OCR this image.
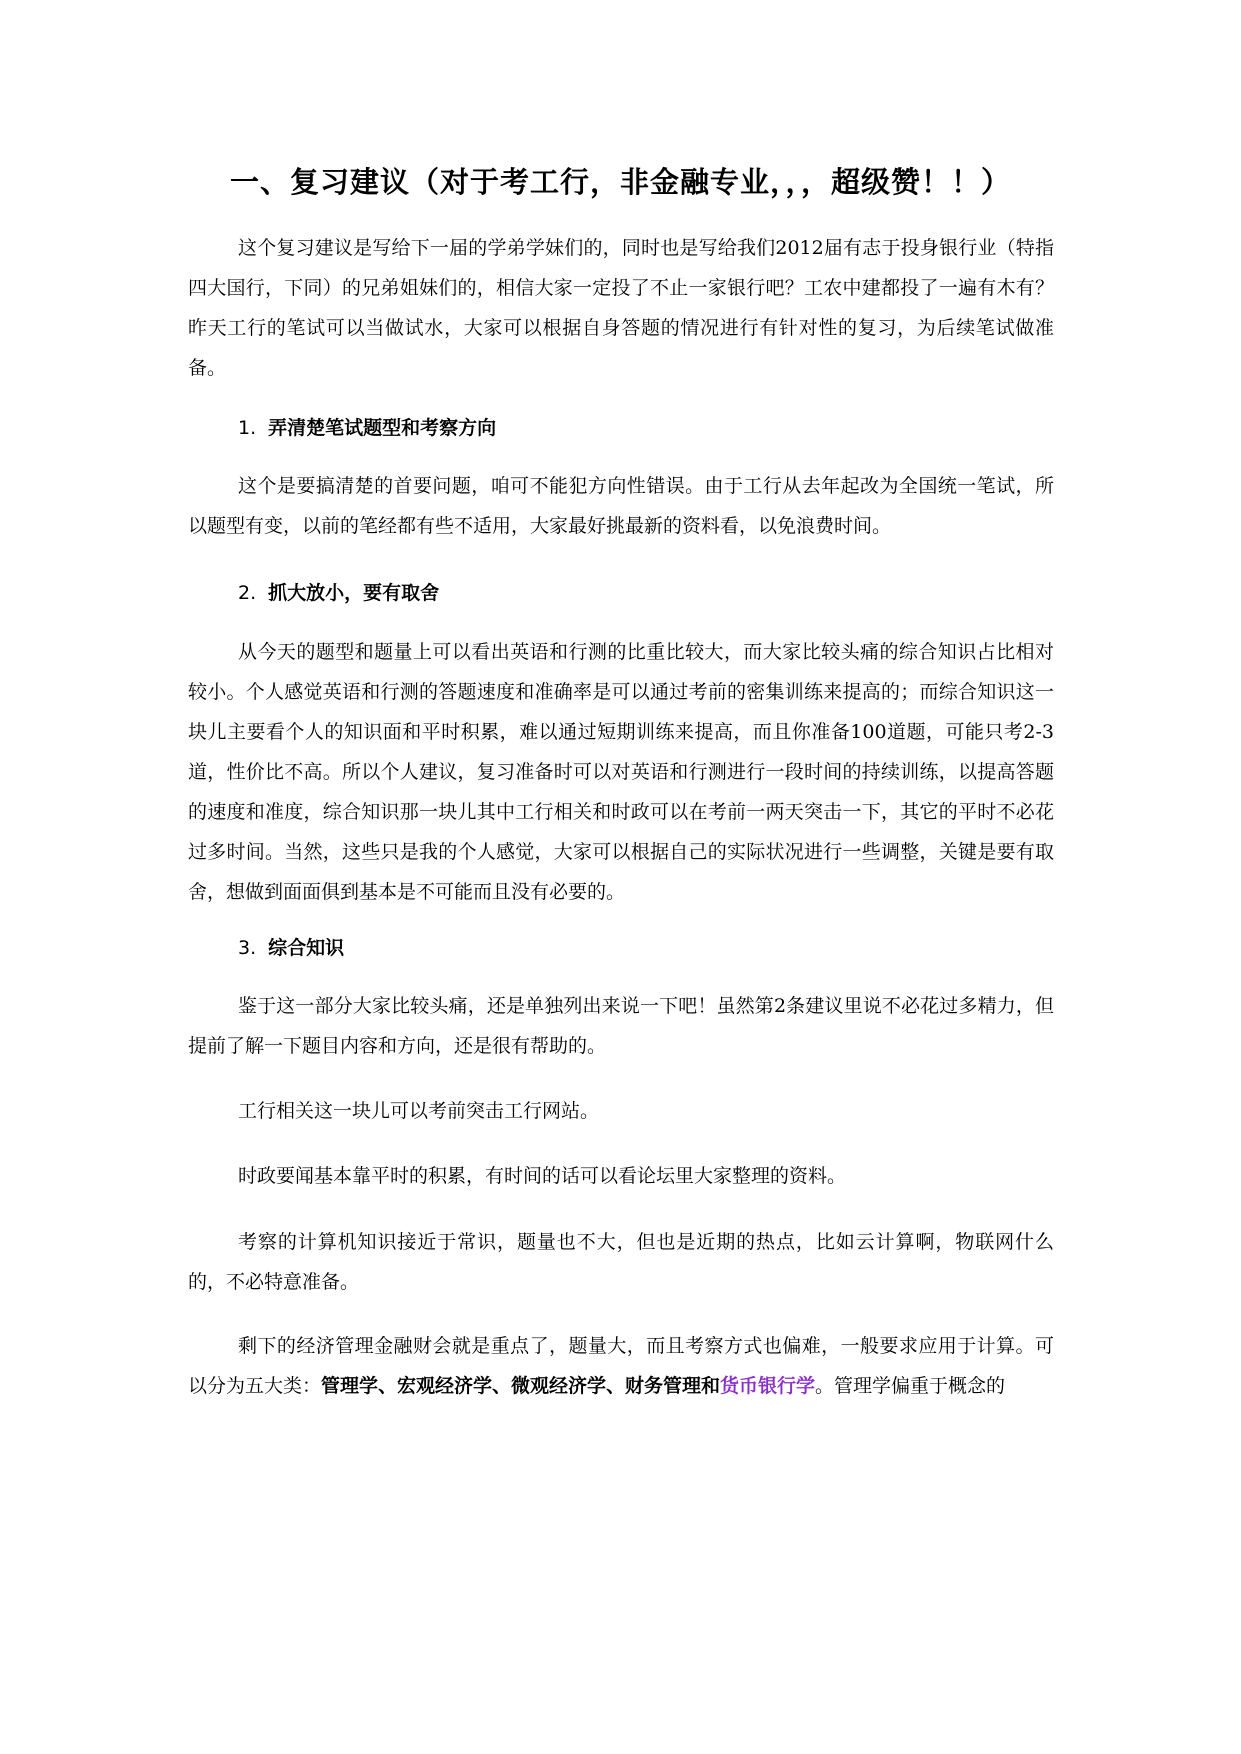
一、复习建议（对于考工行，非金融专业，，，超级赞！！）
这个复习建议是写给下一届的学弟学妹们的，同时也是写给我们2012届有志于投身银行业（特指四大国行，下同）的兄弟姐妹们的，相信大家一定投了不止一家银行吧？工农中建都投了一遍有木有？昨天工行的笔试可以当做试水，大家可以根据自身答题的情况进行有针对性的复习，为后续笔试做准备。
1. 弄清楚笔试题型和考察方向
这个是要搞清楚的首要问题，咱可不能犯方向性错误。由于工行从去年起改为全国统一笔试，所以题型有变，以前的笔经都有些不适用，大家最好挑最新的资料看，以免浪费时间。
2. 抓大放小，要有取舍
从今天的题型和题量上可以看出英语和行测的比重比较大，而大家比较头痛的综合知识占比相对较小。个人感觉英语和行测的答题速度和准确率是可以通过考前的密集训练来提高的；而综合知识这一块儿主要看个人的知识面和平时积累，难以通过短期训练来提高，而且你准备100道题，可能只考2-3道，性价比不高。所以个人建议，复习准备时可以对英语和行测进行一段时间的持续训练，以提高答题的速度和准度，综合知识那一块儿其中工行相关和时政可以在考前一两天突击一下，其它的平时不必花过多时间。当然，这些只是我的个人感觉，大家可以根据自己的实际状况进行一些调整，关键是要有取舍，想做到面面俱到基本是不可能而且没有必要的。
3. 综合知识
鉴于这一部分大家比较头痛，还是单独列出来说一下吧！虽然第2条建议里说不必花过多精力，但提前了解一下题目内容和方向，还是很有帮助的。
工行相关这一块儿可以考前突击工行网站。
时政要闻基本靠平时的积累，有时间的话可以看论坛里大家整理的资料。
考察的计算机知识接近于常识，题量也不大，但也是近期的热点，比如云计算啊，物联网什么的，不必特意准备。
剩下的经济管理金融财会就是重点了，题量大，而且考察方式也偏难，一般要求应用于计算。可以分为五大类：管理学、宏观经济学、微观经济学、财务管理和货币银行学。管理学偏重于概念的
